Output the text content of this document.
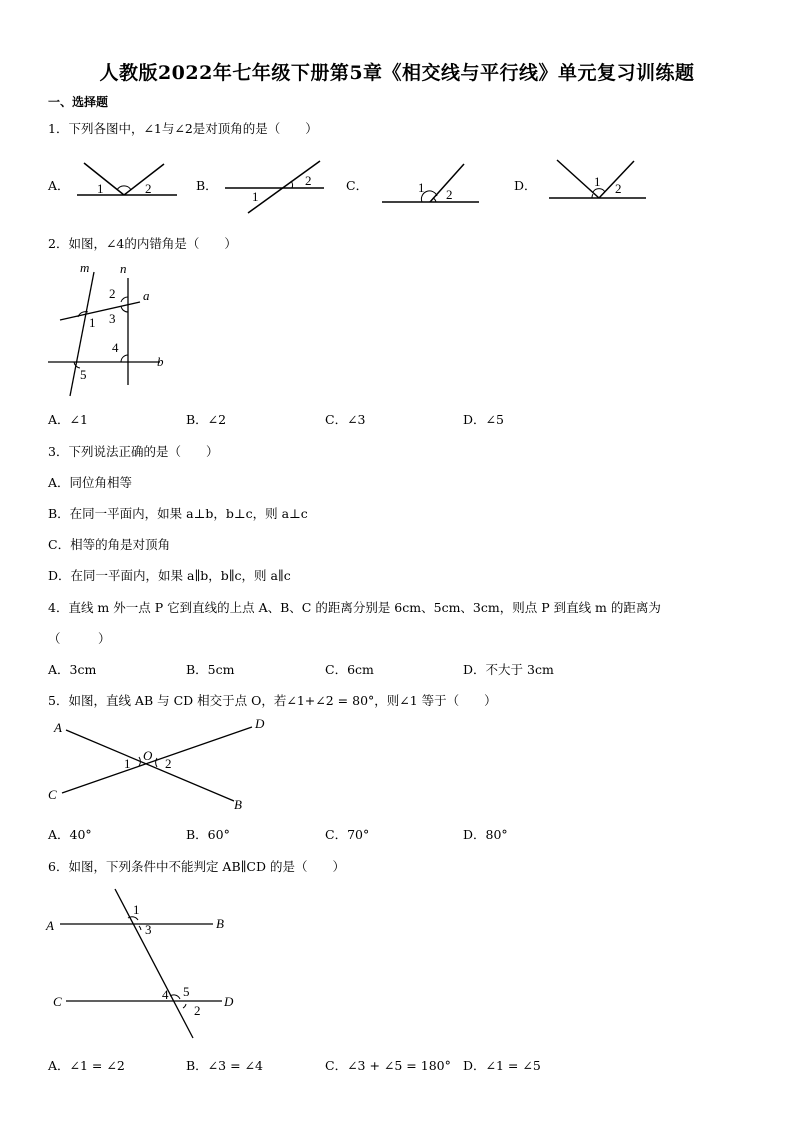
人教版2022年七年级下册第5章《相交线与平行线》单元复习训练题
一、选择题
1．下列各图中，∠1与∠2是对顶角的是（　　）
A． 1	2	B．	2
1
C．	1 2
D．	1 2
2．如图，∠4的内错角是（　　）
m n
a
b
1
2
3
4
5
A．∠1	B．∠2	C．∠3	D．∠5
3．下列说法正确的是（　　）
A．同位角相等
B．在同一平面内，如果 a⊥b，b⊥c，则 a⊥c
C．相等的角是对顶角
D．在同一平面内，如果 a∥b，b∥c，则 a∥c
4．直线 m 外一点 P 它到直线的上点 A、B、C 的距离分别是 6cm、5cm、3cm，则点 P 到直线 m 的距离为
（　　　）
A．3cm	B．5cm	C．6cm	D．不大于 3cm
5．如图，直线 AB 与 CD 相交于点 O，若∠1+∠2 = 80°，则∠1 等于（　　）
A	D
C
B
O
1	2
A．40°	B．60°	C．70°	D．80°
6．如图，下列条件中不能判定 AB∥CD 的是（　　）
A	B
C	D
1
3
4 5
2
A．∠1 = ∠2	B．∠3 = ∠4	C．∠3 + ∠5 = 180° D．∠1 = ∠5
